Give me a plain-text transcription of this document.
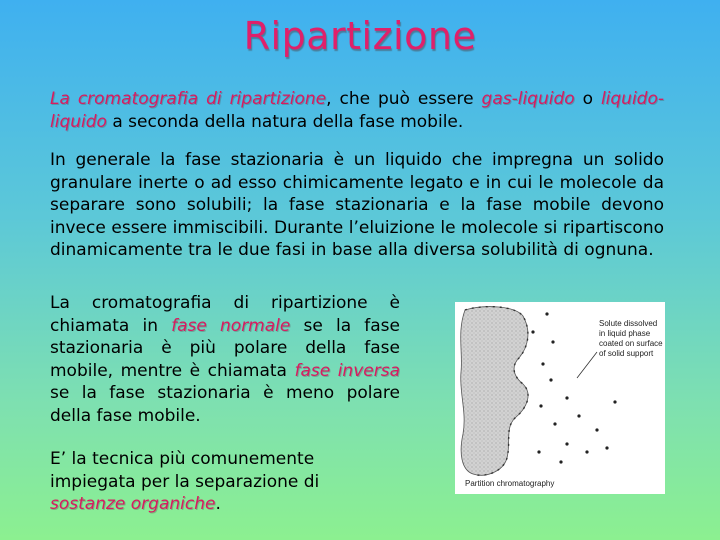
Ripartizione
La cromatografia di ripartizione, che può essere gas-liquido o liquido-liquido a seconda della natura della fase mobile.
In generale la fase stazionaria è un liquido che impregna un solido granulare inerte o ad esso chimicamente legato e in cui le molecole da separare sono solubili; la fase stazionaria e la fase mobile devono invece essere immiscibili. Durante l’eluizione le molecole si ripartiscono dinamicamente tra le due fasi in base alla diversa solubilità di ognuna.
La cromatografia di ripartizione è chiamata in fase normale se la fase stazionaria è più polare della fase mobile, mentre è chiamata fase inversa se la fase stazionaria è meno polare della fase mobile.
E’ la tecnica più comunemente impiegata per la separazione di sostanze organiche.
Solute dissolved
in liquid phase
coated on surface
of solid support
Partition chromatography
